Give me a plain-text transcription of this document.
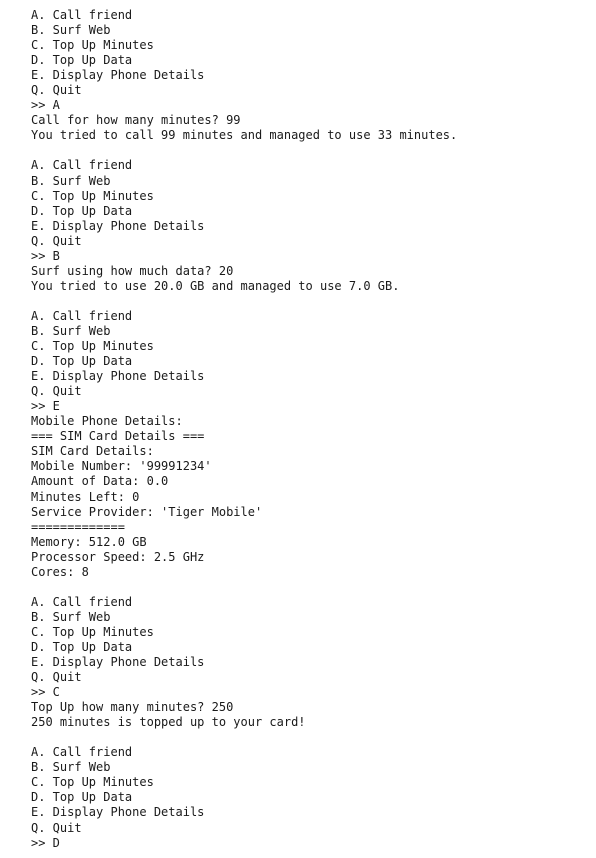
A. Call friend
B. Surf Web
C. Top Up Minutes
D. Top Up Data
E. Display Phone Details
Q. Quit
>> A
Call for how many minutes? 99
You tried to call 99 minutes and managed to use 33 minutes.
A. Call friend
B. Surf Web
C. Top Up Minutes
D. Top Up Data
E. Display Phone Details
Q. Quit
>> B
Surf using how much data? 20
You tried to use 20.0 GB and managed to use 7.0 GB.
A. Call friend
B. Surf Web
C. Top Up Minutes
D. Top Up Data
E. Display Phone Details
Q. Quit
>> E
Mobile Phone Details:
=== SIM Card Details ===
SIM Card Details:
Mobile Number: '99991234'
Amount of Data: 0.0
Minutes Left: 0
Service Provider: 'Tiger Mobile'
=============
Memory: 512.0 GB
Processor Speed: 2.5 GHz
Cores: 8
A. Call friend
B. Surf Web
C. Top Up Minutes
D. Top Up Data
E. Display Phone Details
Q. Quit
>> C
Top Up how many minutes? 250
250 minutes is topped up to your card!
A. Call friend
B. Surf Web
C. Top Up Minutes
D. Top Up Data
E. Display Phone Details
Q. Quit
>> D
